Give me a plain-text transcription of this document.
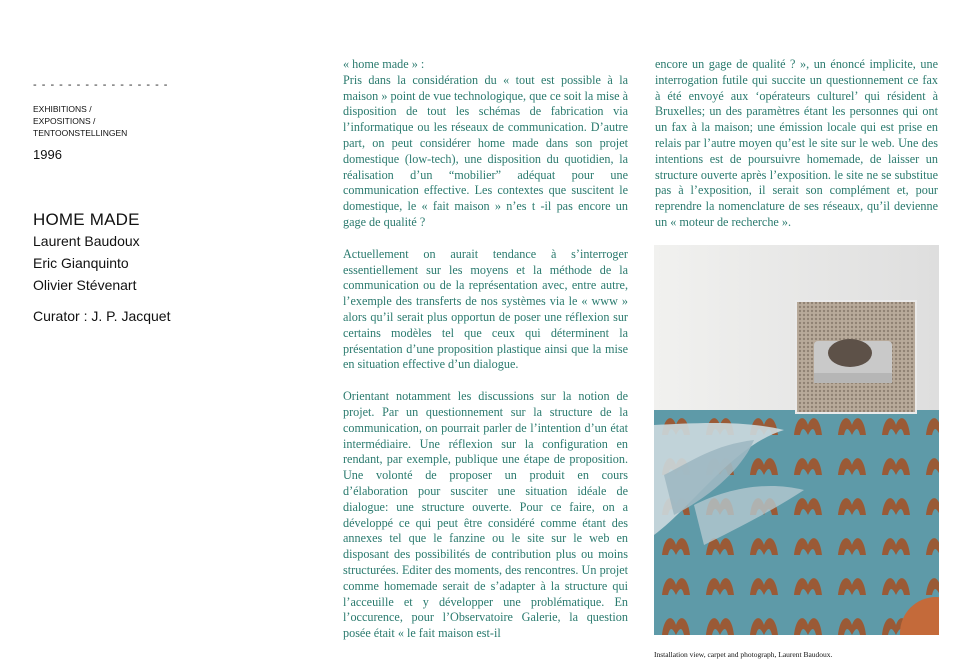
- - - - - - - - - - - - - - - -
EXHIBITIONS /
EXPOSITIONS /
TENTOONSTELLINGEN
1996
HOME MADE
Laurent Baudoux
Eric Gianquinto
Olivier Stévenart
Curator : J. P. Jacquet

« home made » :
Pris dans la considération du « tout est possible à la maison » point de vue technologique, que ce soit la mise à disposition de tout les schémas de fabrication via l’informatique ou les réseaux de communication. D’autre part, on peut considérer home made dans son projet domestique (low-tech), une disposition du quotidien, la réalisation d’un “mobilier” adéquat pour une communication effective. Les contextes que suscitent le domestique, le « fait maison » n’es t -il pas encore un gage de qualité ?

Actuellement on aurait tendance à s’interroger essentiellement sur les moyens et la méthode de la communication ou de la représentation avec, entre autre, l’exemple des transferts de nos systèmes via le « www » alors qu’il serait plus opportun de poser une réflexion sur certains modèles tel que ceux qui déterminent la présentation d’une proposition plastique ainsi que la mise en situation effective d’un dialogue.

Orientant notamment les discussions sur la notion de projet. Par un questionnement sur la structure de la communication, on pourrait parler de l’intention d’un état intermédiaire. Une réflexion sur la configuration en rendant, par exemple, publique une étape de proposition. Une volonté de proposer un produit en cours d’élaboration pour susciter une situation idéale de dialogue: une structure ouverte. Pour ce faire, on a développé ce qui peut être considéré comme étant des annexes tel que le fanzine ou le site sur le web en disposant des possibilités de contribution plus ou moins structurées. Editer des moments, des rencontres. Un projet comme homemade serait de s’adapter à la structure qui l’acceuille et y développer une problématique. En l’occurence, pour l’Observatoire Galerie, la question posée était « le fait maison est-il

encore un gage de qualité ? », un énoncé implicite, une interrogation futile qui succite un questionnement ce fax à été envoyé aux ‘opérateurs culturel’ qui résident à Bruxelles; un des paramètres étant les personnes qui ont un fax à la maison; une émission locale qui est prise en relais par l’autre moyen qu’est le site sur le web. Une des intentions est de poursuivre homemade, de laisser un structure ouverte après l’exposition. le site ne se substitue pas à l’exposition, il serait son complément et, pour reprendre la nomenclature de ses réseaux, qu’il devienne un « moteur de recherche ».

Installation view, carpet and photograph, Laurent Baudoux.
